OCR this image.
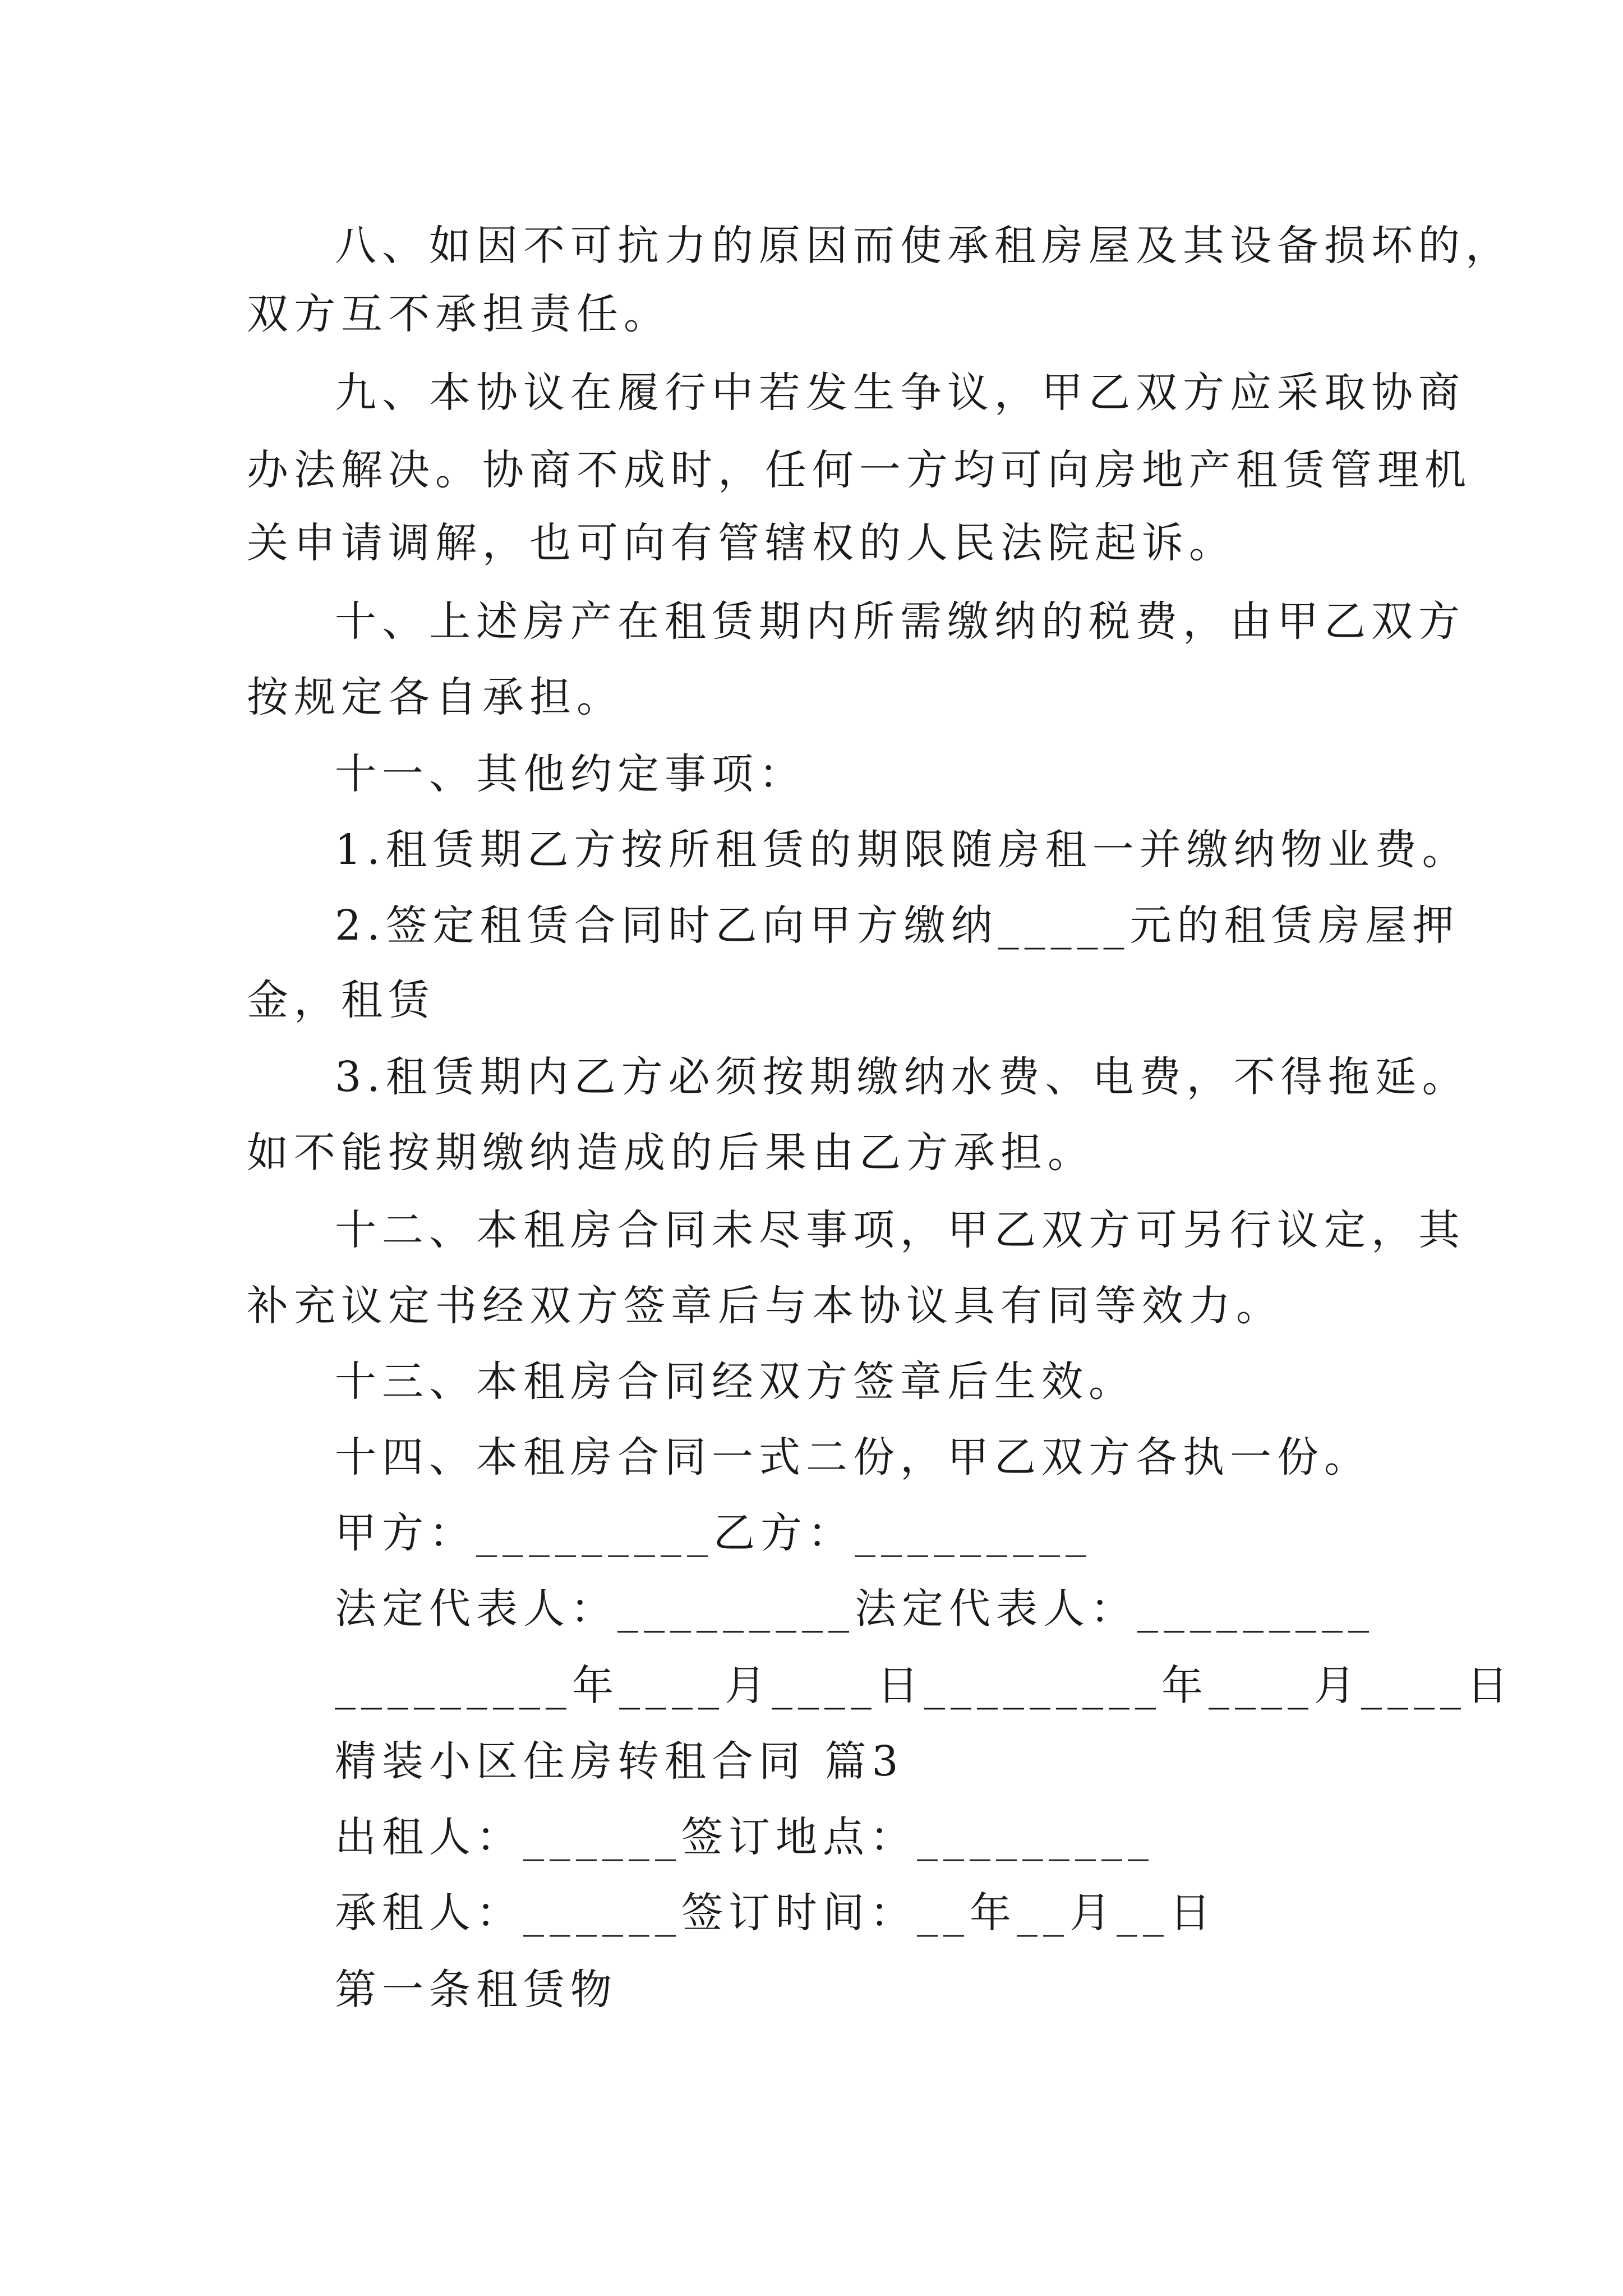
八、如因不可抗力的原因而使承租房屋及其设备损坏的，
双方互不承担责任。
九、本协议在履行中若发生争议，甲乙双方应采取协商
办法解决。协商不成时，任何一方均可向房地产租赁管理机
关申请调解，也可向有管辖权的人民法院起诉。
十、上述房产在租赁期内所需缴纳的税费，由甲乙双方
按规定各自承担。
十一、其他约定事项：
1.租赁期乙方按所租赁的期限随房租一并缴纳物业费。
2.签定租赁合同时乙向甲方缴纳_____元的租赁房屋押
金，租赁
3.租赁期内乙方必须按期缴纳水费、电费，不得拖延。
如不能按期缴纳造成的后果由乙方承担。
十二、本租房合同未尽事项，甲乙双方可另行议定，其
补充议定书经双方签章后与本协议具有同等效力。
十三、本租房合同经双方签章后生效。
十四、本租房合同一式二份，甲乙双方各执一份。
甲方：_________乙方：_________
法定代表人：_________法定代表人：_________
_________年____月____日_________年____月____日
精装小区住房转租合同 篇3
出租人：______签订地点：_________
承租人：______签订时间：__年__月__日
第一条租赁物
